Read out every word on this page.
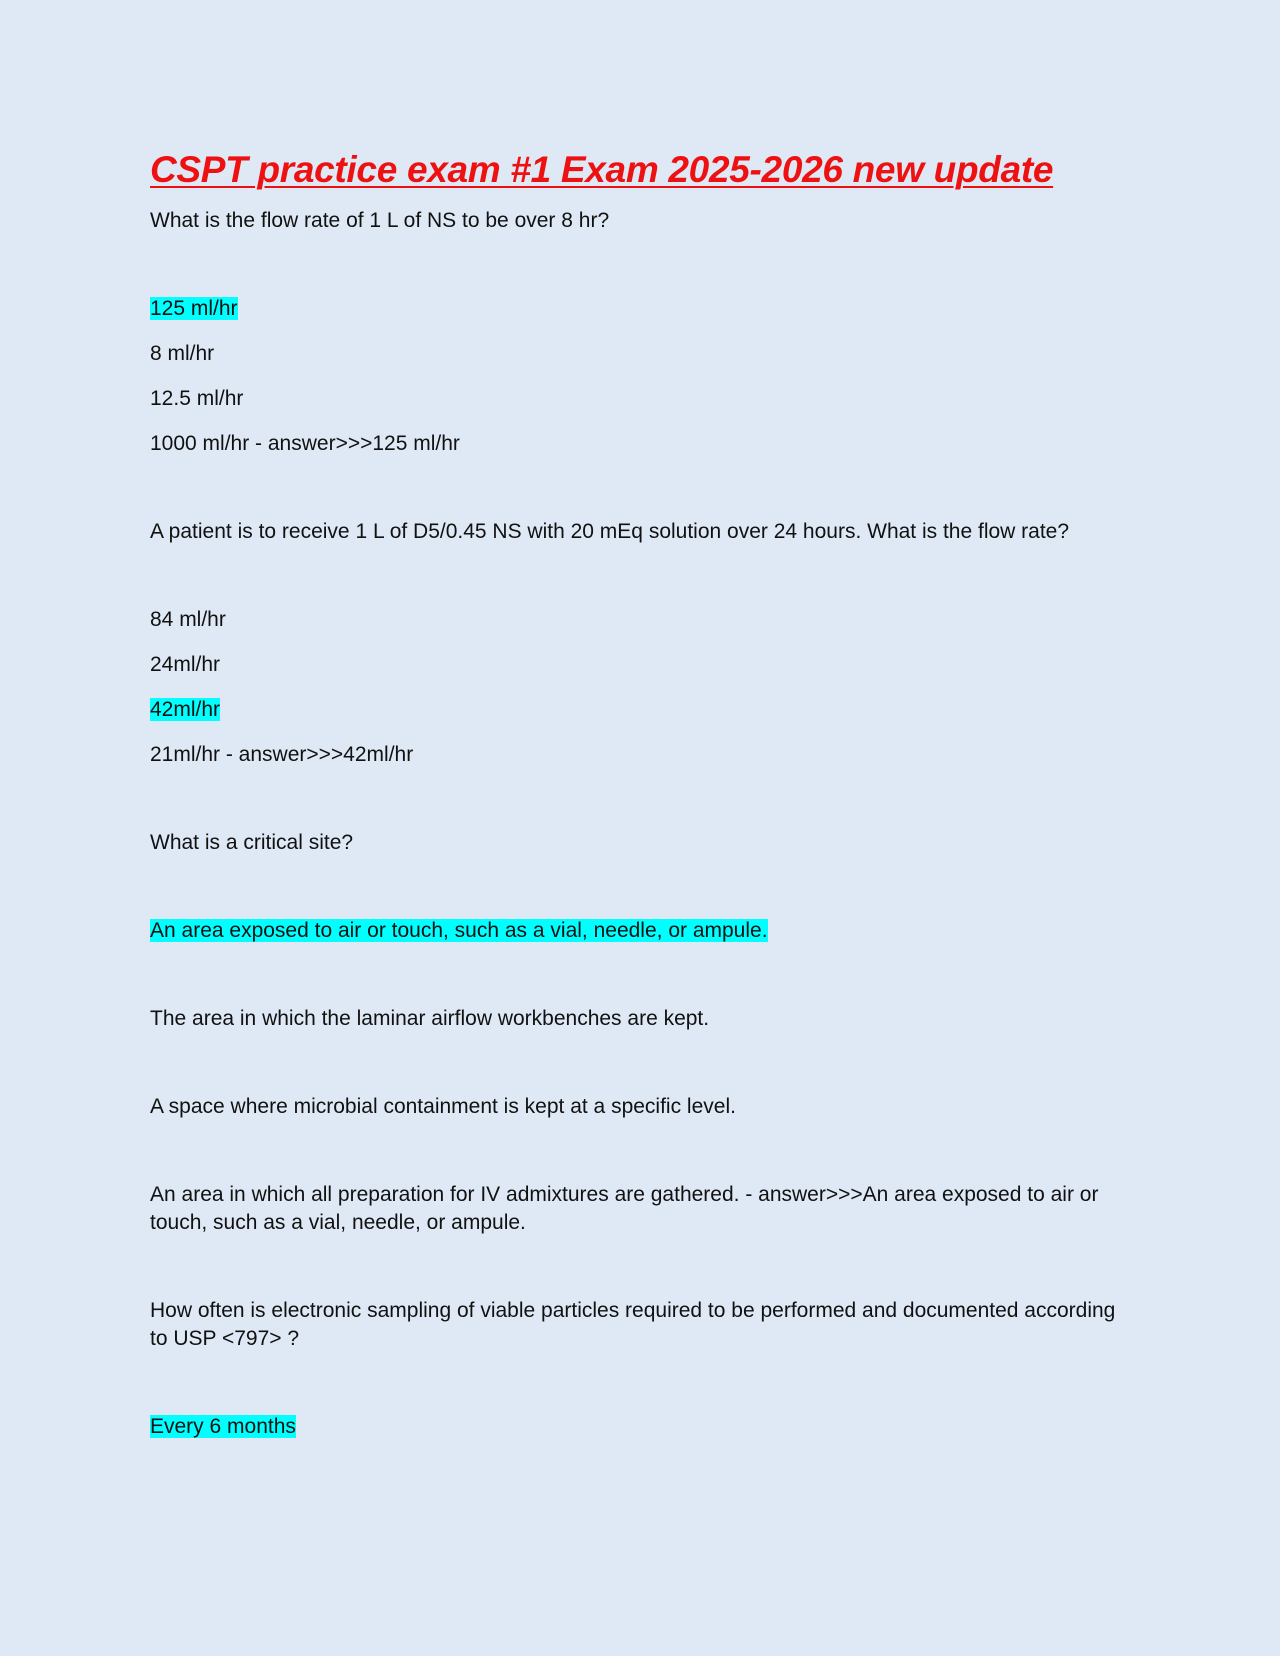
CSPT practice exam #1 Exam 2025-2026 new update

What is the flow rate of 1 L of NS to be over 8 hr?

125 ml/hr

8 ml/hr

12.5 ml/hr

1000 ml/hr - answer>>>125 ml/hr

A patient is to receive 1 L of D5/0.45 NS with 20 mEq solution over 24 hours. What is the flow rate?

84 ml/hr

24ml/hr

42ml/hr

21ml/hr - answer>>>42ml/hr

What is a critical site?

An area exposed to air or touch, such as a vial, needle, or ampule.

The area in which the laminar airflow workbenches are kept.

A space where microbial containment is kept at a specific level.

An area in which all preparation for IV admixtures are gathered. - answer>>>An area exposed to air or touch, such as a vial, needle, or ampule.

How often is electronic sampling of viable particles required to be performed and documented according to USP <797> ?

Every 6 months
